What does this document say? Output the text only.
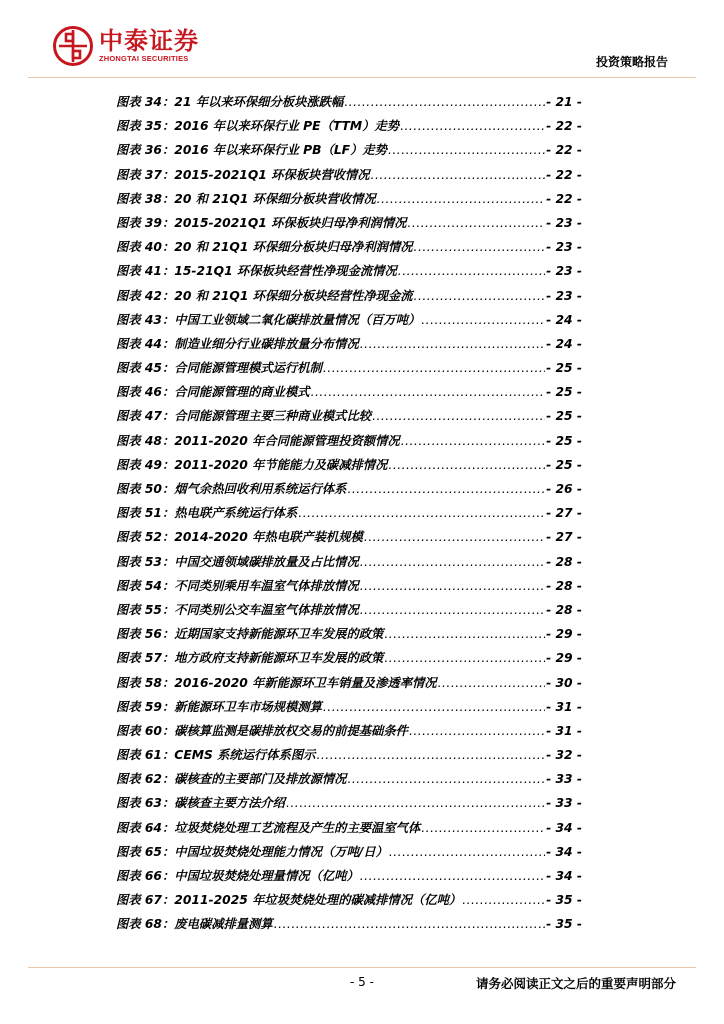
中泰证券
ZHONGTAI SECURITIES	投资策略报告
图表 34： 21 年以来环保细分板块涨跌幅 .....	- 21 -
图表 35： 2016 年以来环保行业 PE（TTM）走势 .....	- 22 -
图表 36： 2016 年以来环保行业 PB（LF）走势 .....	- 22 -
图表 37： 2015-2021Q1 环保板块营收情况 .....	- 22 -
图表 38： 20 和 21Q1 环保细分板块营收情况 .....	- 22 -
图表 39： 2015-2021Q1 环保板块归母净利润情况 .....	- 23 -
图表 40： 20 和 21Q1 环保细分板块归母净利润情况 .....	- 23 -
图表 41： 15-21Q1 环保板块经营性净现金流情况 .....	- 23 -
图表 42： 20 和 21Q1 环保细分板块经营性净现金流 .....	- 23 -
图表 43： 中国工业领域二氧化碳排放量情况（百万吨） .....	- 24 -
图表 44： 制造业细分行业碳排放量分布情况 .....	- 24 -
图表 45： 合同能源管理模式运行机制 .....	- 25 -
图表 46： 合同能源管理的商业模式 .....	- 25 -
图表 47： 合同能源管理主要三种商业模式比较 .....	- 25 -
图表 48： 2011-2020 年合同能源管理投资额情况 .....	- 25 -
图表 49： 2011-2020 年节能能力及碳减排情况 .....	- 25 -
图表 50： 烟气余热回收利用系统运行体系 .....	- 26 -
图表 51： 热电联产系统运行体系 .....	- 27 -
图表 52： 2014-2020 年热电联产装机规模 .....	- 27 -
图表 53： 中国交通领域碳排放量及占比情况 .....	- 28 -
图表 54： 不同类别乘用车温室气体排放情况 .....	- 28 -
图表 55： 不同类别公交车温室气体排放情况 .....	- 28 -
图表 56： 近期国家支持新能源环卫车发展的政策 .....	- 29 -
图表 57： 地方政府支持新能源环卫车发展的政策 .....	- 29 -
图表 58： 2016-2020 年新能源环卫车销量及渗透率情况 .....	- 30 -
图表 59： 新能源环卫车市场规模测算 .....	- 31 -
图表 60： 碳核算监测是碳排放权交易的前提基础条件 .....	- 31 -
图表 61： CEMS 系统运行体系图示 .....	- 32 -
图表 62： 碳核查的主要部门及排放源情况 .....	- 33 -
图表 63： 碳核查主要方法介绍 .....	- 33 -
图表 64： 垃圾焚烧处理工艺流程及产生的主要温室气体 .....	- 34 -
图表 65： 中国垃圾焚烧处理能力情况（万吨/日） .....	- 34 -
图表 66： 中国垃圾焚烧处理量情况（亿吨） .....	- 34 -
图表 67： 2011-2025 年垃圾焚烧处理的碳减排情况（亿吨） .....	- 35 -
图表 68： 废电碳减排量测算 .....	- 35 -
- 5 -	请务必阅读正文之后的重要声明部分
